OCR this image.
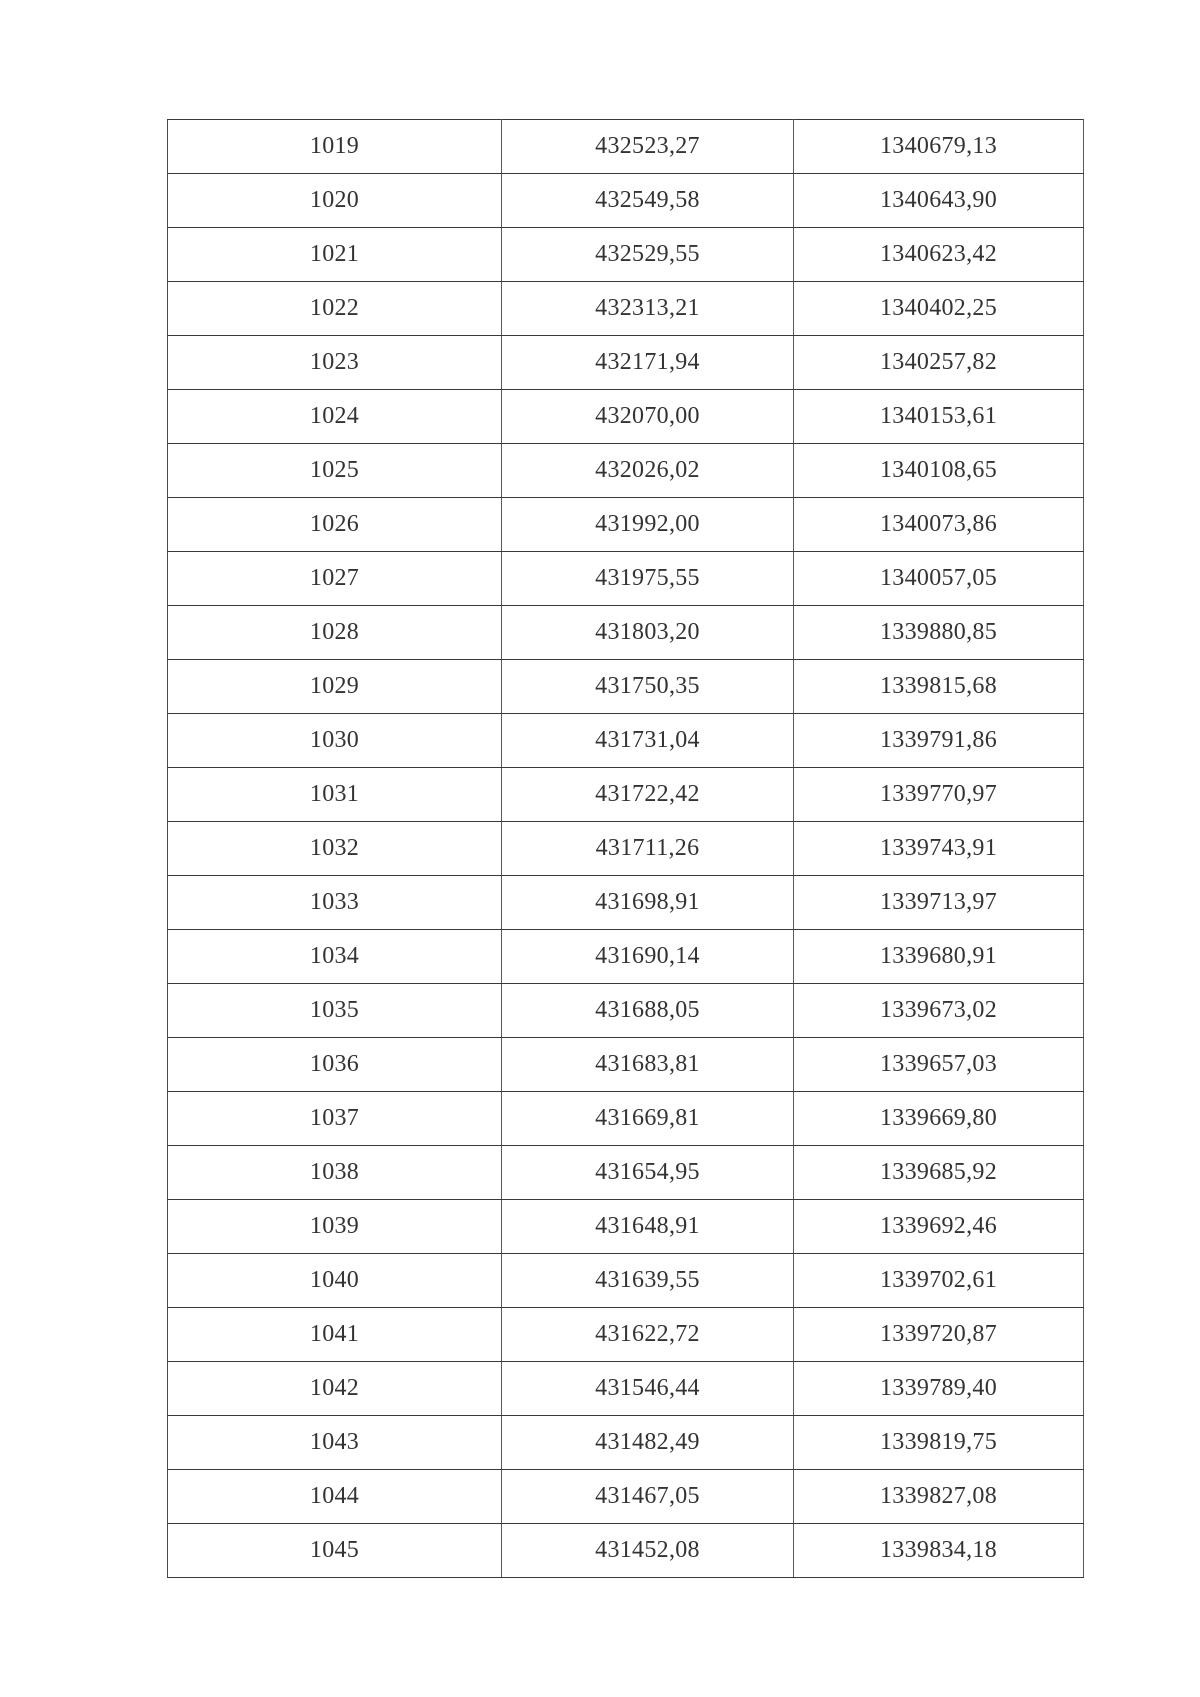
1019	432523,27	1340679,13
1020	432549,58	1340643,90
1021	432529,55	1340623,42
1022	432313,21	1340402,25
1023	432171,94	1340257,82
1024	432070,00	1340153,61
1025	432026,02	1340108,65
1026	431992,00	1340073,86
1027	431975,55	1340057,05
1028	431803,20	1339880,85
1029	431750,35	1339815,68
1030	431731,04	1339791,86
1031	431722,42	1339770,97
1032	431711,26	1339743,91
1033	431698,91	1339713,97
1034	431690,14	1339680,91
1035	431688,05	1339673,02
1036	431683,81	1339657,03
1037	431669,81	1339669,80
1038	431654,95	1339685,92
1039	431648,91	1339692,46
1040	431639,55	1339702,61
1041	431622,72	1339720,87
1042	431546,44	1339789,40
1043	431482,49	1339819,75
1044	431467,05	1339827,08
1045	431452,08	1339834,18
